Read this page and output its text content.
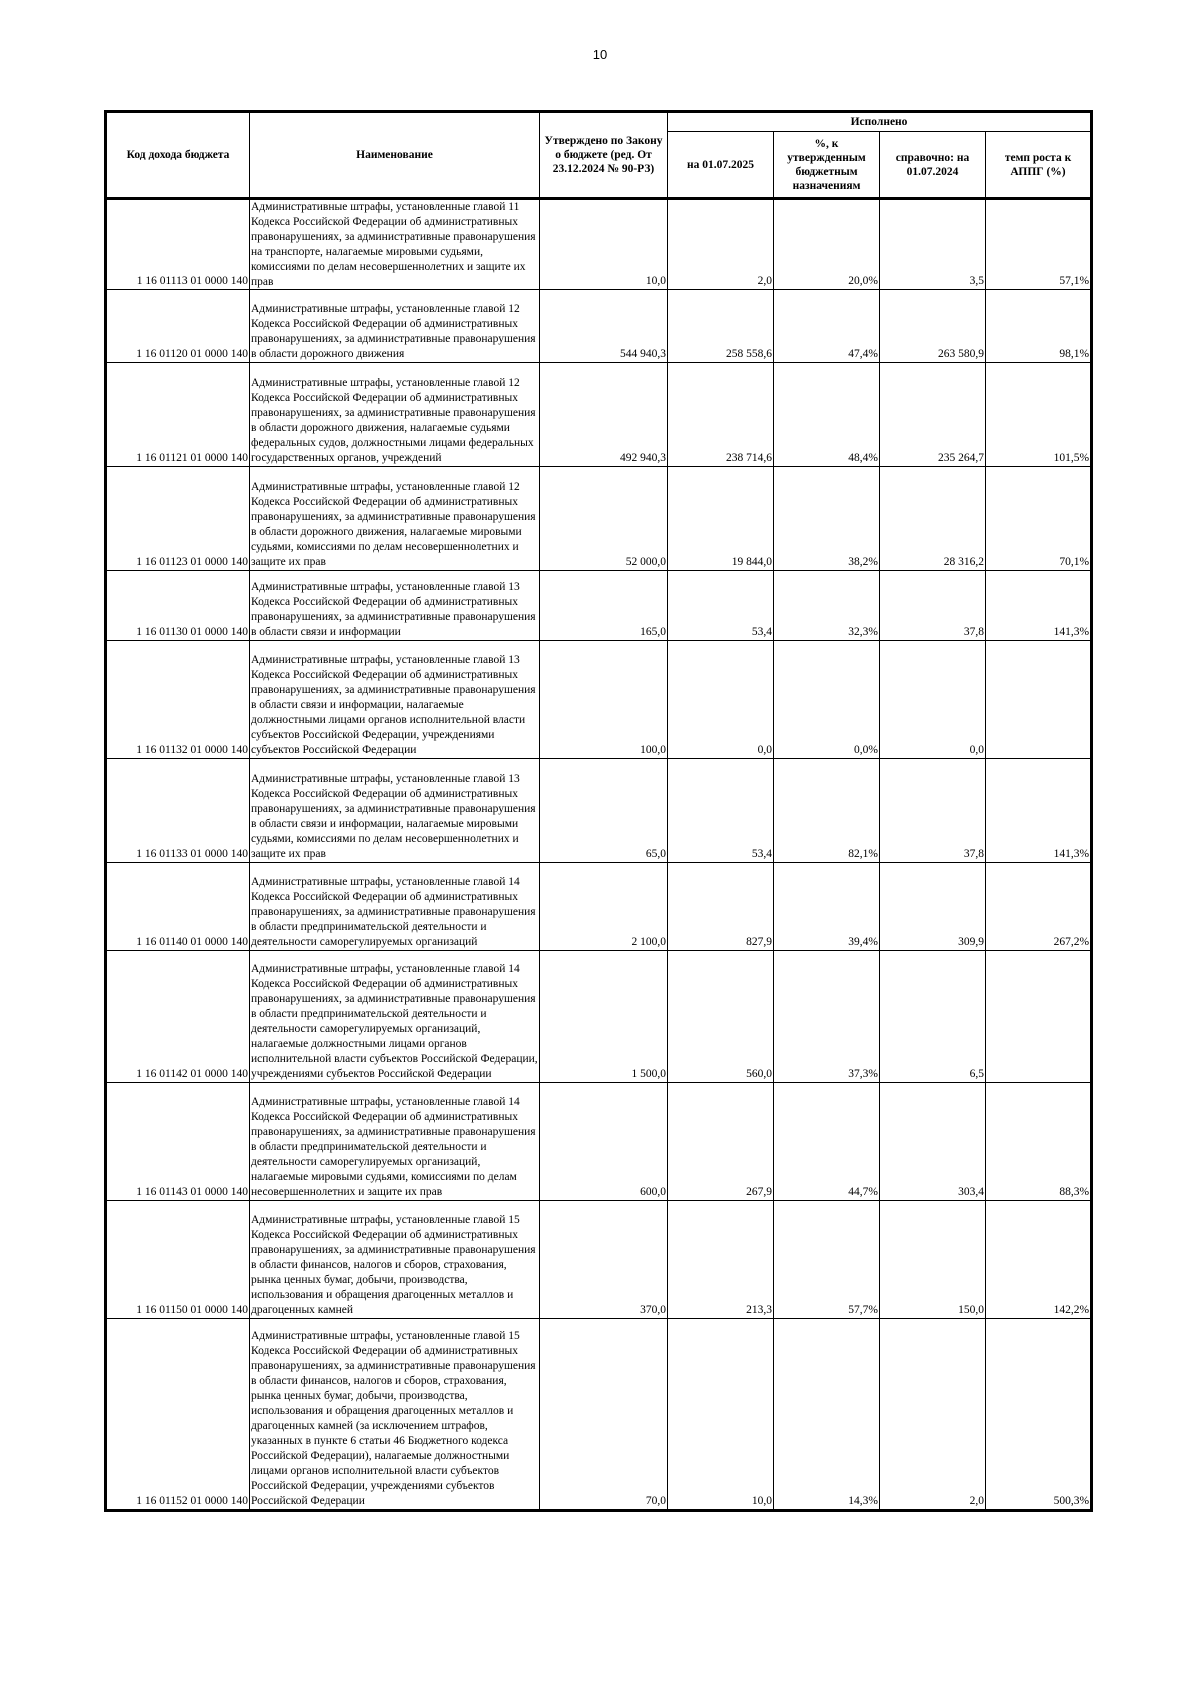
10
Код дохода бюджета	Наименование	Утверждено по Закону о бюджете (ред. От 23.12.2024 № 90-РЗ)	Исполнено			
			на 01.07.2025	%, к утвержденным бюджетным назначениям	справочно: на 01.07.2024	темп роста к АППГ (%)
1 16 01113 01 0000 140	Административные штрафы, установленные главой 11 Кодекса Российской Федерации об административных правонарушениях, за административные правонарушения на транспорте, налагаемые мировыми судьями, комиссиями по делам несовершеннолетних и защите их прав	10,0	2,0	20,0%	3,5	57,1%
1 16 01120 01 0000 140	Административные штрафы, установленные главой 12 Кодекса Российской Федерации об административных правонарушениях, за административные правонарушения в области дорожного движения	544 940,3	258 558,6	47,4%	263 580,9	98,1%
1 16 01121 01 0000 140	Административные штрафы, установленные главой 12 Кодекса Российской Федерации об административных правонарушениях, за административные правонарушения в области дорожного движения, налагаемые судьями федеральных судов, должностными лицами федеральных государственных органов, учреждений	492 940,3	238 714,6	48,4%	235 264,7	101,5%
1 16 01123 01 0000 140	Административные штрафы, установленные главой 12 Кодекса Российской Федерации об административных правонарушениях, за административные правонарушения в области дорожного движения, налагаемые мировыми судьями, комиссиями по делам несовершеннолетних и защите их прав	52 000,0	19 844,0	38,2%	28 316,2	70,1%
1 16 01130 01 0000 140	Административные штрафы, установленные главой 13 Кодекса Российской Федерации об административных правонарушениях, за административные правонарушения в области связи и информации	165,0	53,4	32,3%	37,8	141,3%
1 16 01132 01 0000 140	Административные штрафы, установленные главой 13 Кодекса Российской Федерации об административных правонарушениях, за административные правонарушения в области связи и информации, налагаемые должностными лицами органов исполнительной власти субъектов Российской Федерации, учреждениями субъектов Российской Федерации	100,0	0,0	0,0%	0,0	
1 16 01133 01 0000 140	Административные штрафы, установленные главой 13 Кодекса Российской Федерации об административных правонарушениях, за административные правонарушения в области связи и информации, налагаемые мировыми судьями, комиссиями по делам несовершеннолетних и защите их прав	65,0	53,4	82,1%	37,8	141,3%
1 16 01140 01 0000 140	Административные штрафы, установленные главой 14 Кодекса Российской Федерации об административных правонарушениях, за административные правонарушения в области предпринимательской деятельности и деятельности саморегулируемых организаций	2 100,0	827,9	39,4%	309,9	267,2%
1 16 01142 01 0000 140	Административные штрафы, установленные главой 14 Кодекса Российской Федерации об административных правонарушениях, за административные правонарушения в области предпринимательской деятельности и деятельности саморегулируемых организаций, налагаемые должностными лицами органов исполнительной власти субъектов Российской Федерации, учреждениями субъектов Российской Федерации	1 500,0	560,0	37,3%	6,5	
1 16 01143 01 0000 140	Административные штрафы, установленные главой 14 Кодекса Российской Федерации об административных правонарушениях, за административные правонарушения в области предпринимательской деятельности и деятельности саморегулируемых организаций, налагаемые мировыми судьями, комиссиями по делам несовершеннолетних и защите их прав	600,0	267,9	44,7%	303,4	88,3%
1 16 01150 01 0000 140	Административные штрафы, установленные главой 15 Кодекса Российской Федерации об административных правонарушениях, за административные правонарушения в области финансов, налогов и сборов, страхования, рынка ценных бумаг, добычи, производства, использования и обращения драгоценных металлов и драгоценных камней	370,0	213,3	57,7%	150,0	142,2%
1 16 01152 01 0000 140	Административные штрафы, установленные главой 15 Кодекса Российской Федерации об административных правонарушениях, за административные правонарушения в области финансов, налогов и сборов, страхования, рынка ценных бумаг, добычи, производства, использования и обращения драгоценных металлов и драгоценных камней (за исключением штрафов, указанных в пункте 6 статьи 46 Бюджетного кодекса Российской Федерации), налагаемые должностными лицами органов исполнительной власти субъектов Российской Федерации, учреждениями субъектов Российской Федерации	70,0	10,0	14,3%	2,0	500,3%
